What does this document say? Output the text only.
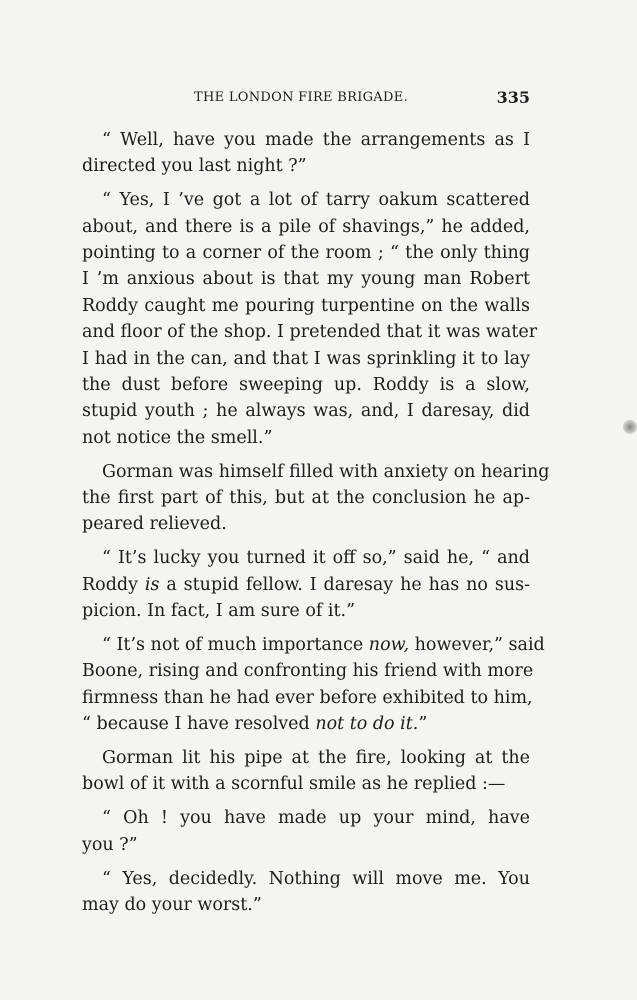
THE LONDON FIRE BRIGADE.	335
“ Well, have you made the arrangements as I
directed you last night ?”
“ Yes, I ’ve got a lot of tarry oakum scattered
about, and there is a pile of shavings,” he added,
pointing to a corner of the room ; “ the only thing
I ’m anxious about is that my young man Robert
Roddy caught me pouring turpentine on the walls
and floor of the shop. I pretended that it was water
I had in the can, and that I was sprinkling it to lay
the dust before sweeping up. Roddy is a slow,
stupid youth ; he always was, and, I daresay, did
not notice the smell.”
Gorman was himself filled with anxiety on hearing
the first part of this, but at the conclusion he ap-
peared relieved.
“ It’s lucky you turned it off so,” said he, “ and
Roddy is a stupid fellow. I daresay he has no sus-
picion. In fact, I am sure of it.”
“ It’s not of much importance now, however,” said
Boone, rising and confronting his friend with more
firmness than he had ever before exhibited to him,
“ because I have resolved not to do it.”
Gorman lit his pipe at the fire, looking at the
bowl of it with a scornful smile as he replied :—
“ Oh ! you have made up your mind, have
you ?”
“ Yes, decidedly. Nothing will move me. You
may do your worst.”
